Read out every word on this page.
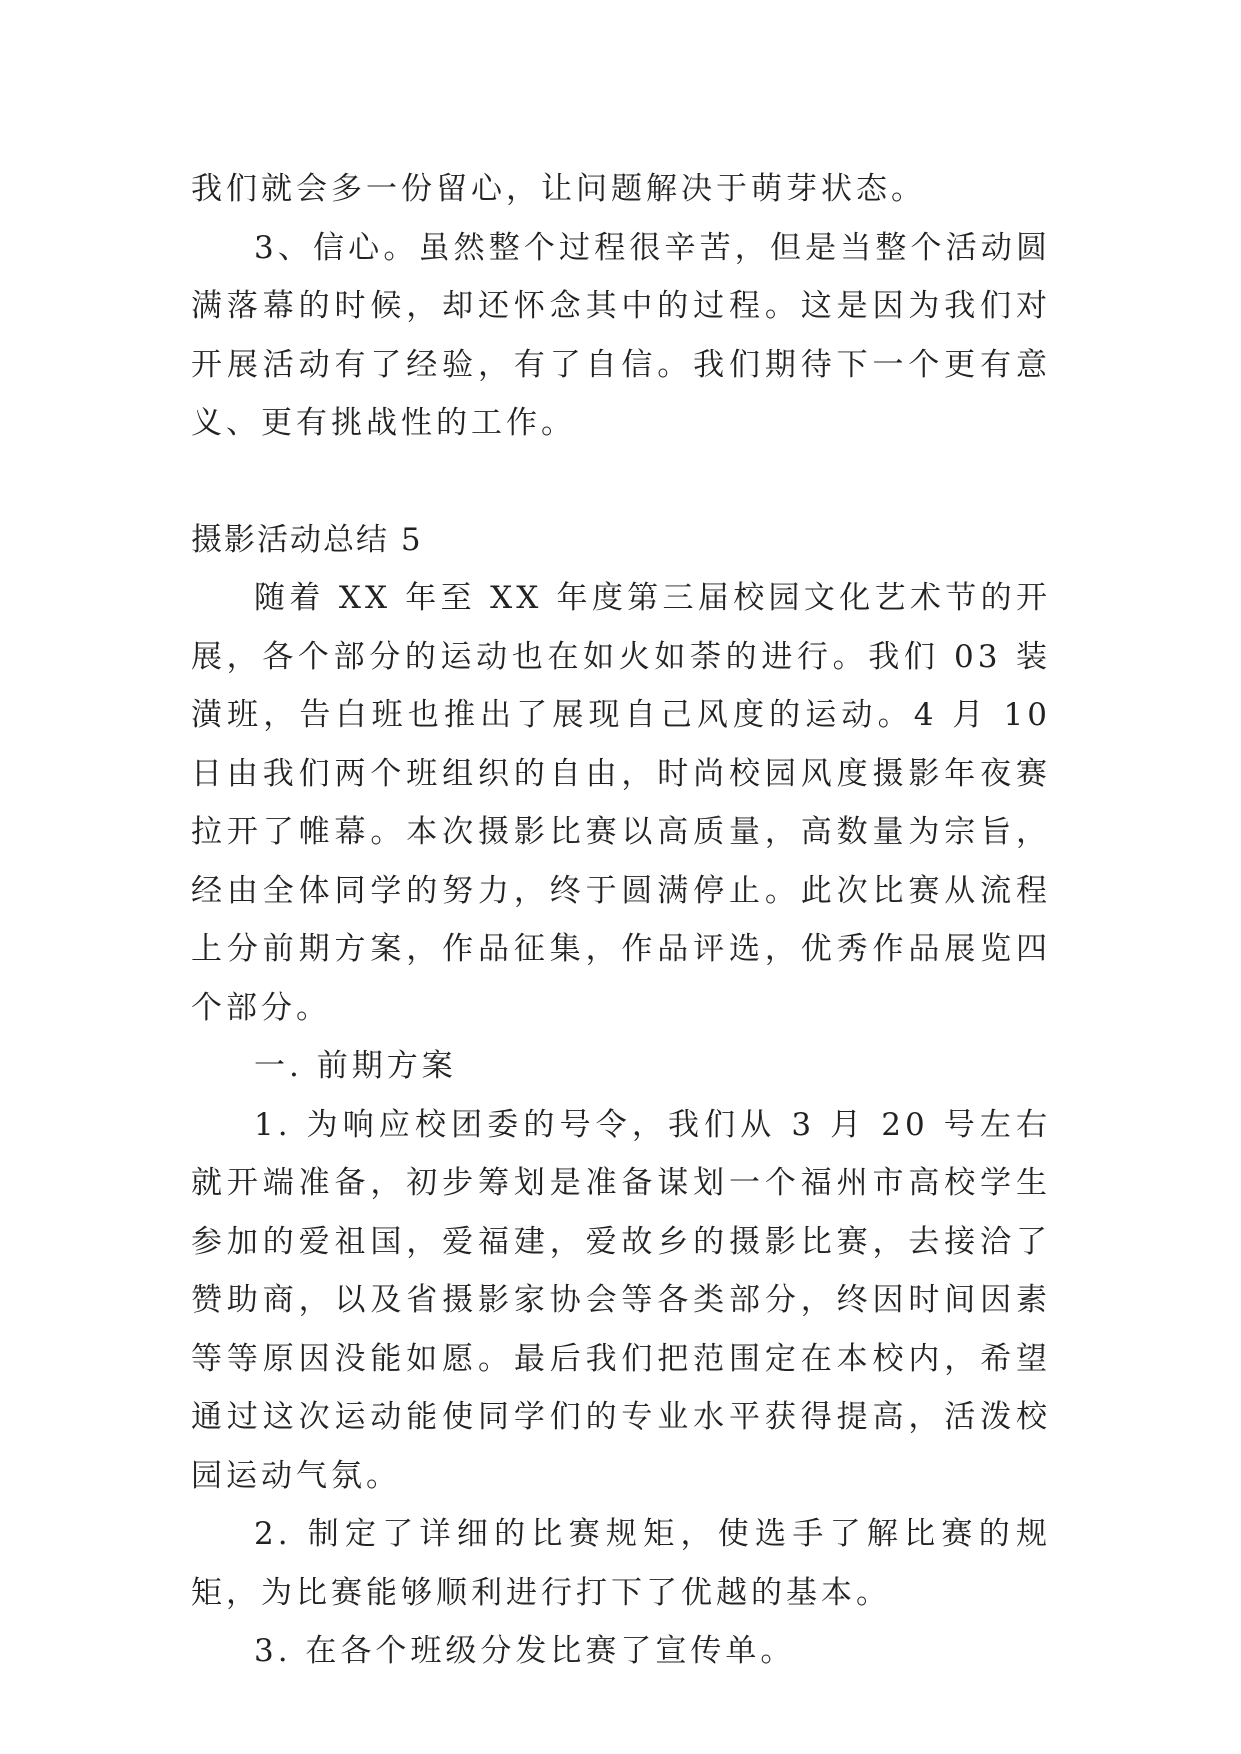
我们就会多一份留心，让问题解决于萌芽状态。

3、信心。虽然整个过程很辛苦，但是当整个活动圆满落幕的时候，却还怀念其中的过程。这是因为我们对开展活动有了经验，有了自信。我们期待下一个更有意义、更有挑战性的工作。

摄影活动总结 5

随着 XX 年至 XX 年度第三届校园文化艺术节的开展，各个部分的运动也在如火如荼的进行。我们 03 装潢班，告白班也推出了展现自己风度的运动。4 月 10 日由我们两个班组织的自由，时尚校园风度摄影年夜赛拉开了帷幕。本次摄影比赛以高质量，高数量为宗旨，经由全体同学的努力，终于圆满停止。此次比赛从流程上分前期方案，作品征集，作品评选，优秀作品展览四个部分。

一. 前期方案

1. 为响应校团委的号令，我们从 3 月 20 号左右就开端准备，初步筹划是准备谋划一个福州市高校学生参加的爱祖国，爱福建，爱故乡的摄影比赛，去接洽了赞助商，以及省摄影家协会等各类部分，终因时间因素等等原因没能如愿。最后我们把范围定在本校内，希望通过这次运动能使同学们的专业水平获得提高，活泼校园运动气氛。

2. 制定了详细的比赛规矩，使选手了解比赛的规矩，为比赛能够顺利进行打下了优越的基本。

3. 在各个班级分发比赛了宣传单。
